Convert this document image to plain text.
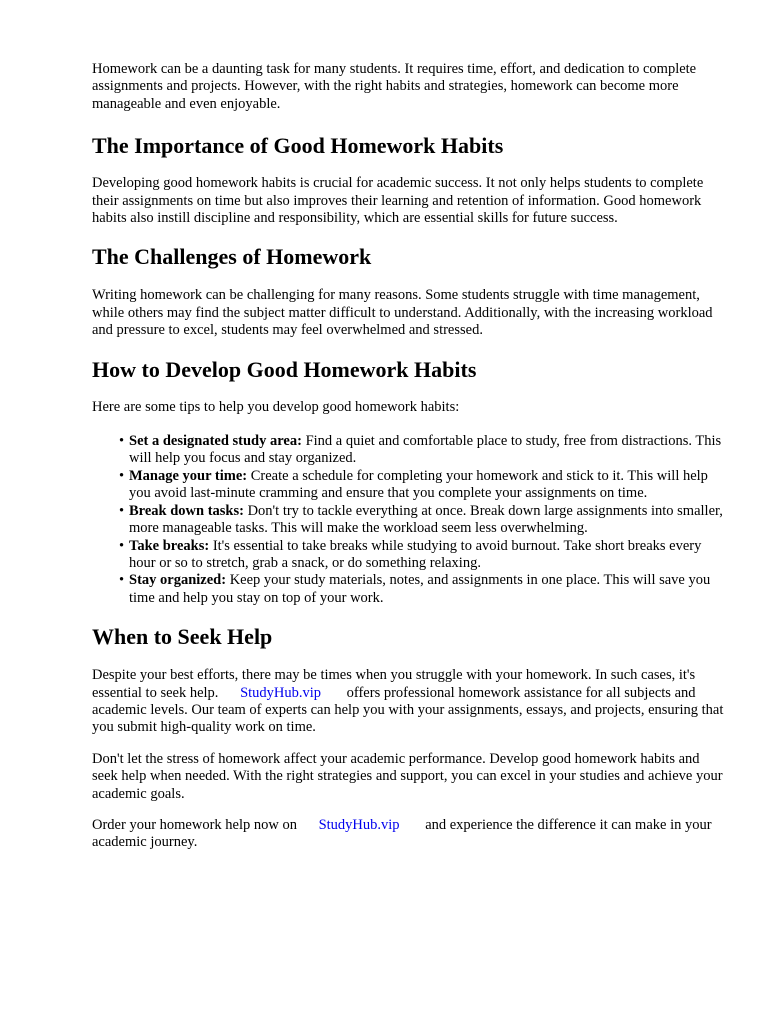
Homework can be a daunting task for many students. It requires time, effort, and dedication to complete assignments and projects. However, with the right habits and strategies, homework can become more manageable and even enjoyable.

The Importance of Good Homework Habits

Developing good homework habits is crucial for academic success. It not only helps students to complete their assignments on time but also improves their learning and retention of information. Good homework habits also instill discipline and responsibility, which are essential skills for future success.

The Challenges of Homework

Writing homework can be challenging for many reasons. Some students struggle with time management, while others may find the subject matter difficult to understand. Additionally, with the increasing workload and pressure to excel, students may feel overwhelmed and stressed.

How to Develop Good Homework Habits

Here are some tips to help you develop good homework habits:

• Set a designated study area: Find a quiet and comfortable place to study, free from distractions. This will help you focus and stay organized.
• Manage your time: Create a schedule for completing your homework and stick to it. This will help you avoid last-minute cramming and ensure that you complete your assignments on time.
• Break down tasks: Don't try to tackle everything at once. Break down large assignments into smaller, more manageable tasks. This will make the workload seem less overwhelming.
• Take breaks: It's essential to take breaks while studying to avoid burnout. Take short breaks every hour or so to stretch, grab a snack, or do something relaxing.
• Stay organized: Keep your study materials, notes, and assignments in one place. This will save you time and help you stay on top of your work.
When to Seek Help

Despite your best efforts, there may be times when you struggle with your homework. In such cases, it's essential to seek help. StudyHub.vip offers professional homework assistance for all subjects and academic levels. Our team of experts can help you with your assignments, essays, and projects, ensuring that you submit high-quality work on time.

Don't let the stress of homework affect your academic performance. Develop good homework habits and seek help when needed. With the right strategies and support, you can excel in your studies and achieve your academic goals.

Order your homework help now on StudyHub.vip and experience the difference it can make in your academic journey.
